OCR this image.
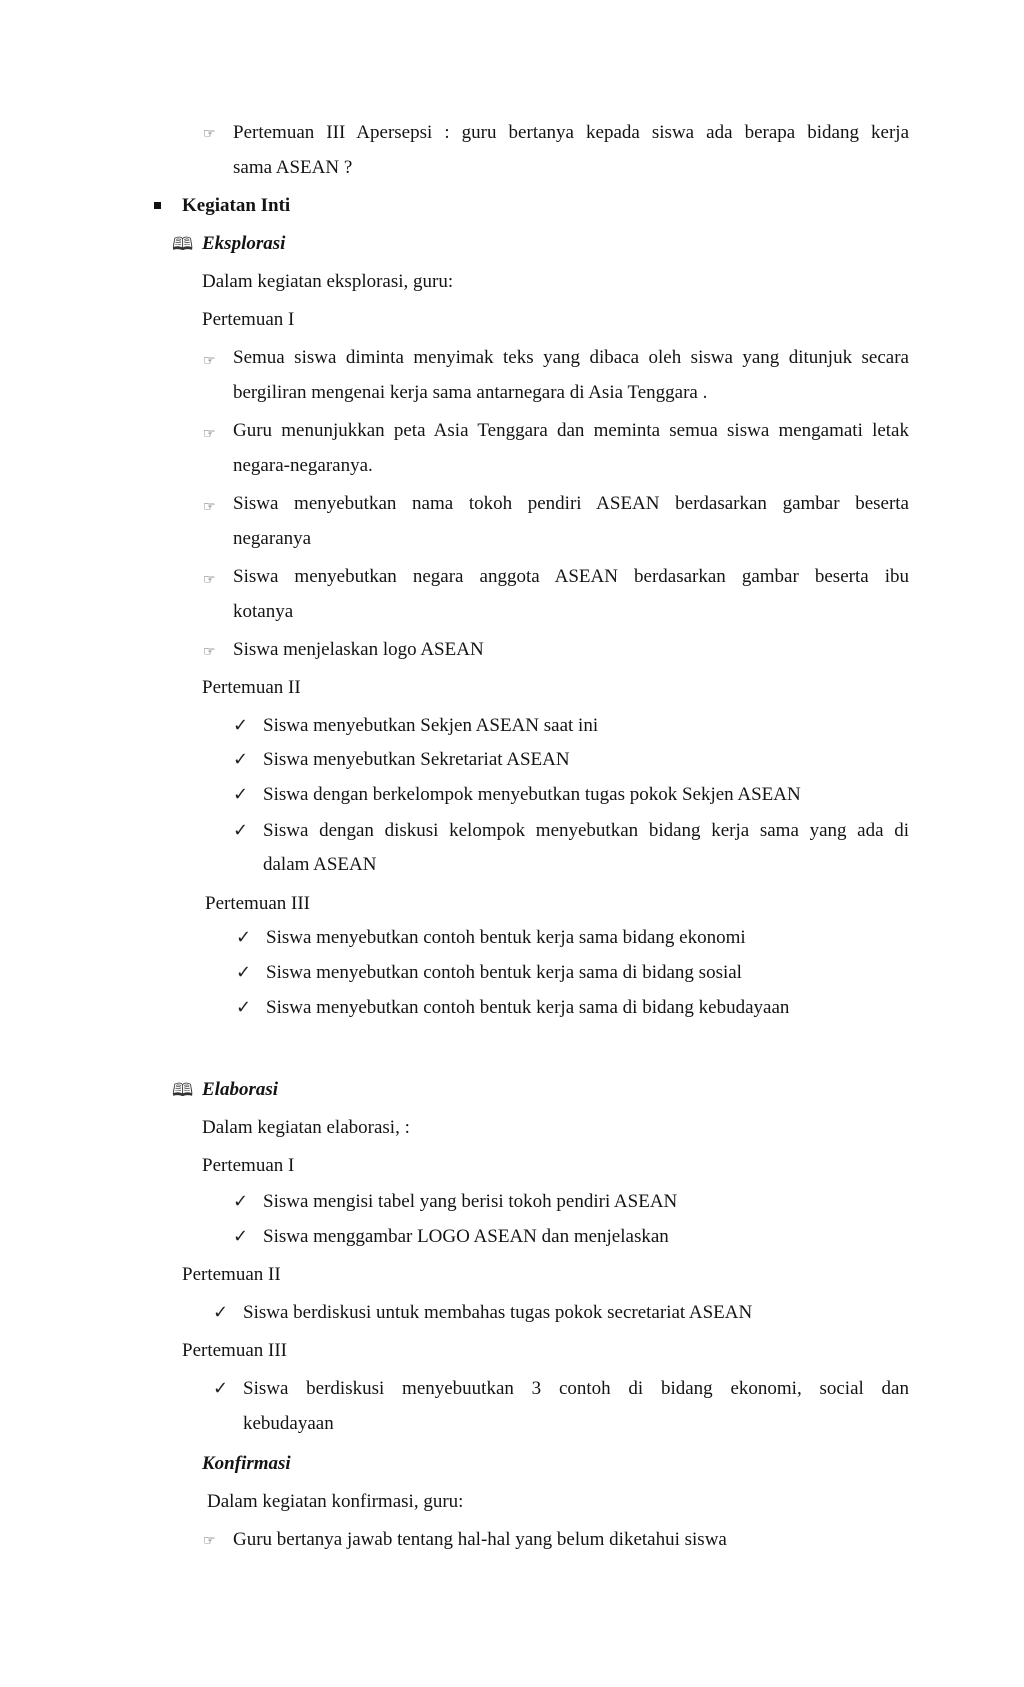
☞
🕮
☞
☞
☞
☞
☞
✓
✓
✓
✓
✓
✓
✓
🕮
✓
✓
✓
✓
☞
Pertemuan III Apersepsi : guru bertanya kepada siswa ada berapa bidang kerja
sama ASEAN ?
Kegiatan Inti
Eksplorasi
Dalam kegiatan eksplorasi, guru:
Pertemuan I
Semua siswa diminta menyimak teks yang dibaca oleh siswa yang ditunjuk secara
bergiliran mengenai kerja sama antarnegara di Asia Tenggara .
Guru menunjukkan peta Asia Tenggara dan meminta semua siswa mengamati letak
negara-negaranya.
Siswa menyebutkan nama tokoh pendiri ASEAN berdasarkan gambar beserta
negaranya
Siswa menyebutkan negara anggota ASEAN berdasarkan gambar beserta ibu
kotanya
Siswa menjelaskan logo ASEAN
Pertemuan II
Siswa menyebutkan Sekjen ASEAN saat ini
Siswa menyebutkan Sekretariat ASEAN
Siswa dengan berkelompok menyebutkan tugas pokok Sekjen ASEAN
Siswa dengan diskusi kelompok menyebutkan bidang kerja sama yang ada di
dalam ASEAN
Pertemuan III
Siswa menyebutkan contoh bentuk kerja sama bidang ekonomi
Siswa menyebutkan contoh bentuk kerja sama di bidang sosial
Siswa menyebutkan contoh bentuk kerja sama di bidang kebudayaan
Elaborasi
Dalam kegiatan elaborasi, :
Pertemuan I
Siswa mengisi tabel yang berisi tokoh pendiri ASEAN
Siswa menggambar LOGO ASEAN dan menjelaskan
Pertemuan II
Siswa berdiskusi untuk membahas tugas pokok secretariat ASEAN
Pertemuan III
Siswa berdiskusi menyebuutkan 3 contoh di bidang ekonomi, social dan
kebudayaan
Konfirmasi
Dalam kegiatan konfirmasi, guru:
Guru bertanya jawab tentang hal-hal yang belum diketahui siswa
